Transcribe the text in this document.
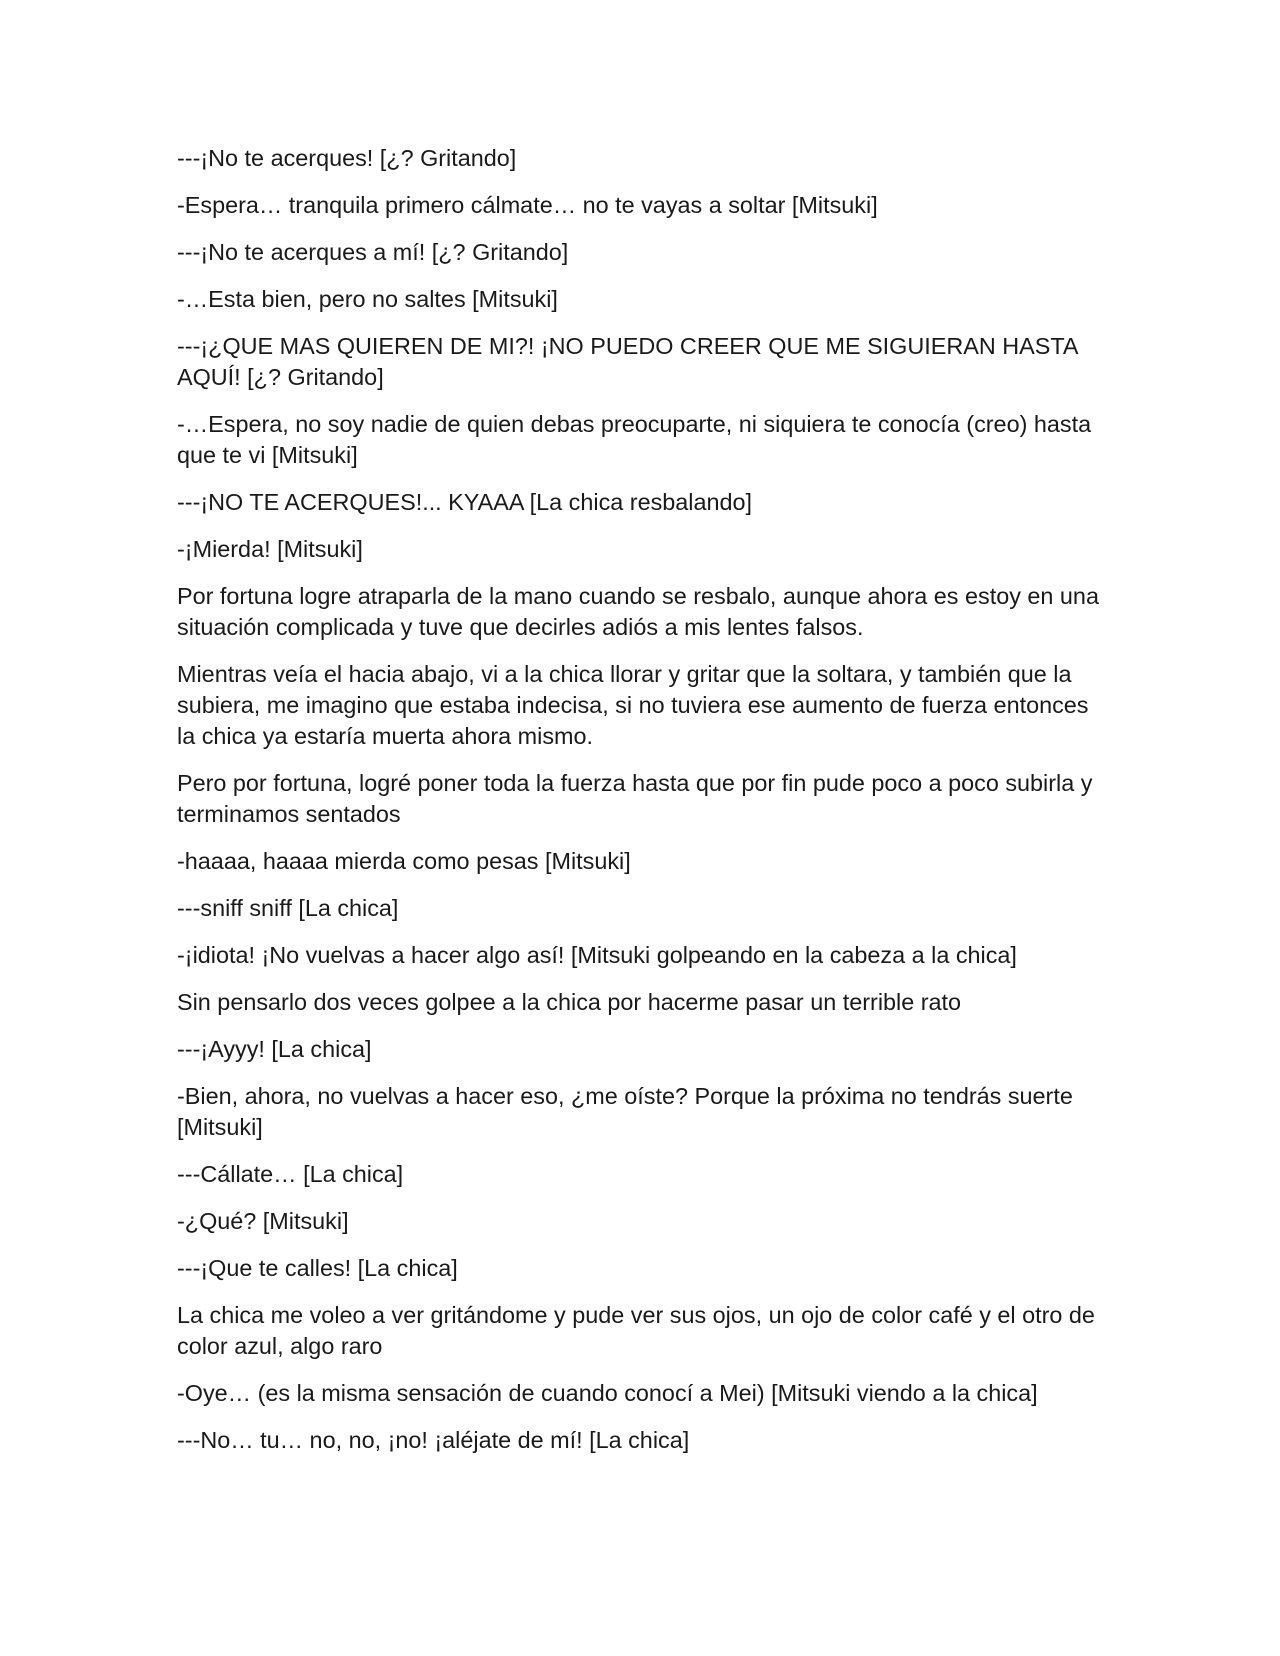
---¡No te acerques! [¿? Gritando]

-Espera… tranquila primero cálmate… no te vayas a soltar [Mitsuki]

---¡No te acerques a mí! [¿? Gritando]

-…Esta bien, pero no saltes [Mitsuki]

---¡¿QUE MAS QUIEREN DE MI?! ¡NO PUEDO CREER QUE ME SIGUIERAN HASTA AQUÍ! [¿? Gritando]

-…Espera, no soy nadie de quien debas preocuparte, ni siquiera te conocía (creo) hasta que te vi [Mitsuki]

---¡NO TE ACERQUES!... KYAAA [La chica resbalando]

-¡Mierda! [Mitsuki]

Por fortuna logre atraparla de la mano cuando se resbalo, aunque ahora es estoy en una situación complicada y tuve que decirles adiós a mis lentes falsos.

Mientras veía el hacia abajo, vi a la chica llorar y gritar que la soltara, y también que la subiera, me imagino que estaba indecisa, si no tuviera ese aumento de fuerza entonces la chica ya estaría muerta ahora mismo.

Pero por fortuna, logré poner toda la fuerza hasta que por fin pude poco a poco subirla y terminamos sentados

-haaaa, haaaa mierda como pesas [Mitsuki]

---sniff sniff [La chica]

-¡idiota! ¡No vuelvas a hacer algo así! [Mitsuki golpeando en la cabeza a la chica]

Sin pensarlo dos veces golpee a la chica por hacerme pasar un terrible rato

---¡Ayyy! [La chica]

-Bien, ahora, no vuelvas a hacer eso, ¿me oíste? Porque la próxima no tendrás suerte [Mitsuki]

---Cállate… [La chica]

-¿Qué? [Mitsuki]

---¡Que te calles! [La chica]

La chica me voleo a ver gritándome y pude ver sus ojos, un ojo de color café y el otro de color azul, algo raro

-Oye… (es la misma sensación de cuando conocí a Mei) [Mitsuki viendo a la chica]

---No… tu… no, no, ¡no! ¡aléjate de mí! [La chica]
